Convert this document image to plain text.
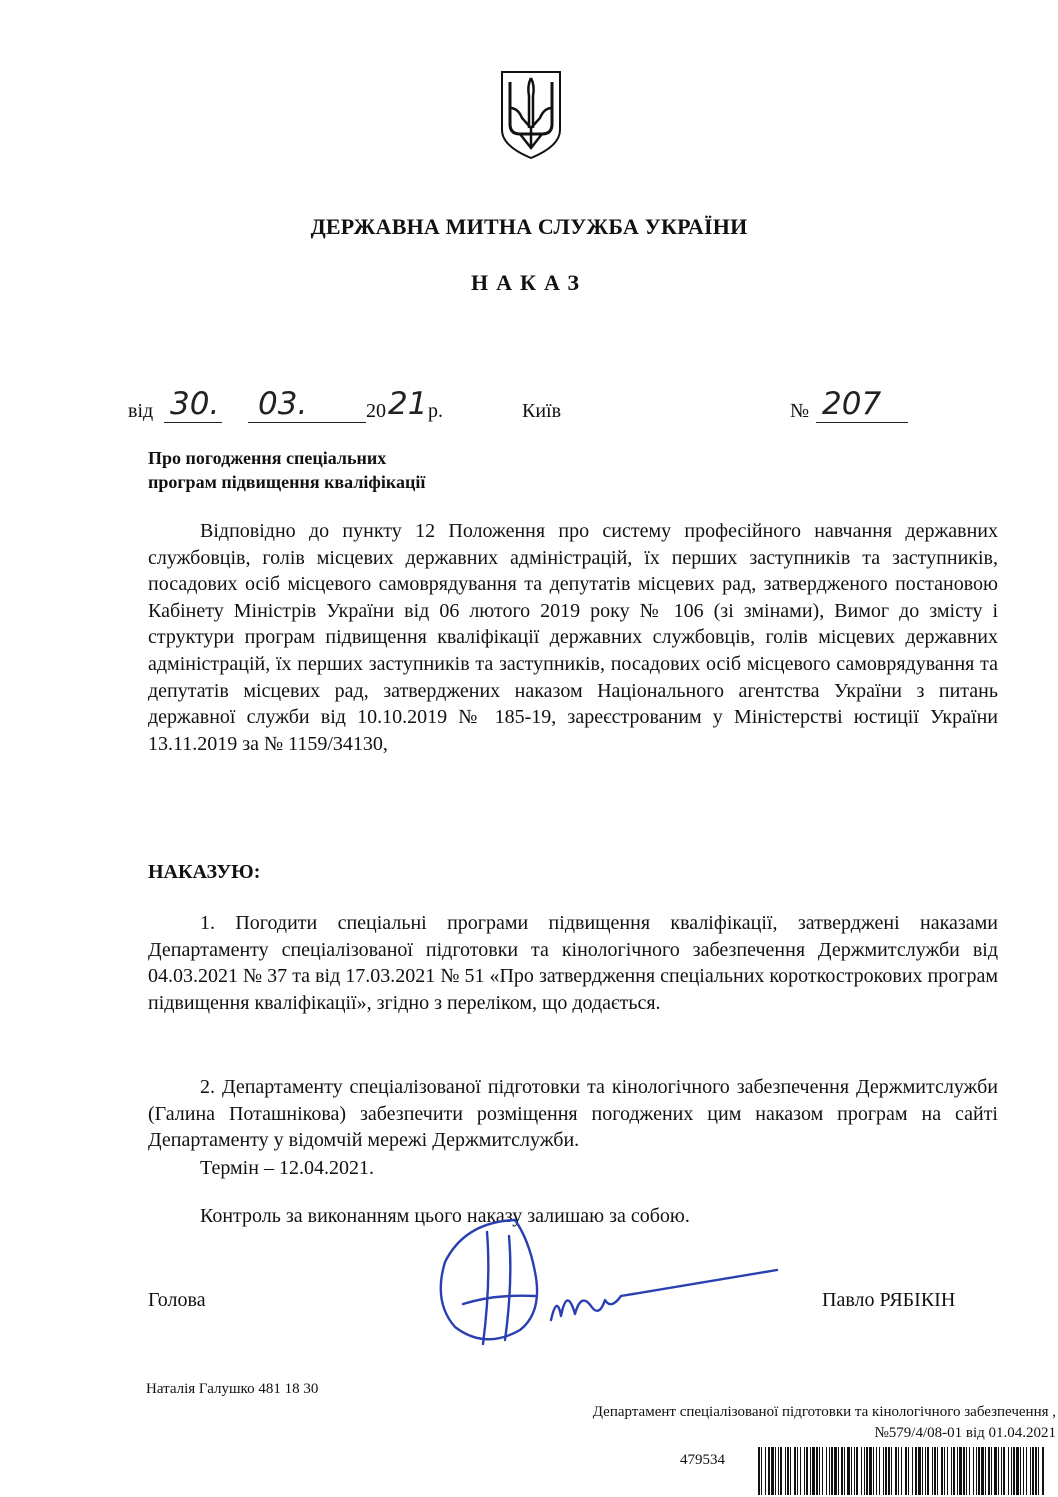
ДЕРЖАВНА МИТНА СЛУЖБА УКРАЇНИ
НАКАЗ
від 30. 03.	20 21 р.	Київ	№ 207
Про погодження спеціальних
програм підвищення кваліфікації
Відповідно до пункту 12 Положення про систему професійного навчання державних службовців, голів місцевих державних адміністрацій, їх перших заступників та заступників, посадових осіб місцевого самоврядування та депутатів місцевих рад, затвердженого постановою Кабінету Міністрів України від 06 лютого 2019 року № 106 (зі змінами), Вимог до змісту і структури програм підвищення кваліфікації державних службовців, голів місцевих державних адміністрацій, їх перших заступників та заступників, посадових осіб місцевого самоврядування та депутатів місцевих рад, затверджених наказом Національного агентства України з питань державної служби від 10.10.2019 № 185-19, зареєстрованим у Міністерстві юстиції України 13.11.2019 за № 1159/34130,
НАКАЗУЮ:
1. Погодити спеціальні програми підвищення кваліфікації, затверджені наказами Департаменту спеціалізованої підготовки та кінологічного забезпечення Держмитслужби від 04.03.2021 № 37 та від 17.03.2021 № 51 «Про затвердження спеціальних короткострокових програм підвищення кваліфікації», згідно з переліком, що додається.
2. Департаменту спеціалізованої підготовки та кінологічного забезпечення Держмитслужби (Галина Поташнікова) забезпечити розміщення погоджених цим наказом програм на сайті Департаменту у відомчій мережі Держмитслужби.
Термін – 12.04.2021.
Контроль за виконанням цього наказу залишаю за собою.
Голова	Павло РЯБІКІН
Наталія Галушко 481 18 30
Департамент спеціалізованої підготовки та кінологічного забезпечення ,
№579/4/08-01 від 01.04.2021
479534
